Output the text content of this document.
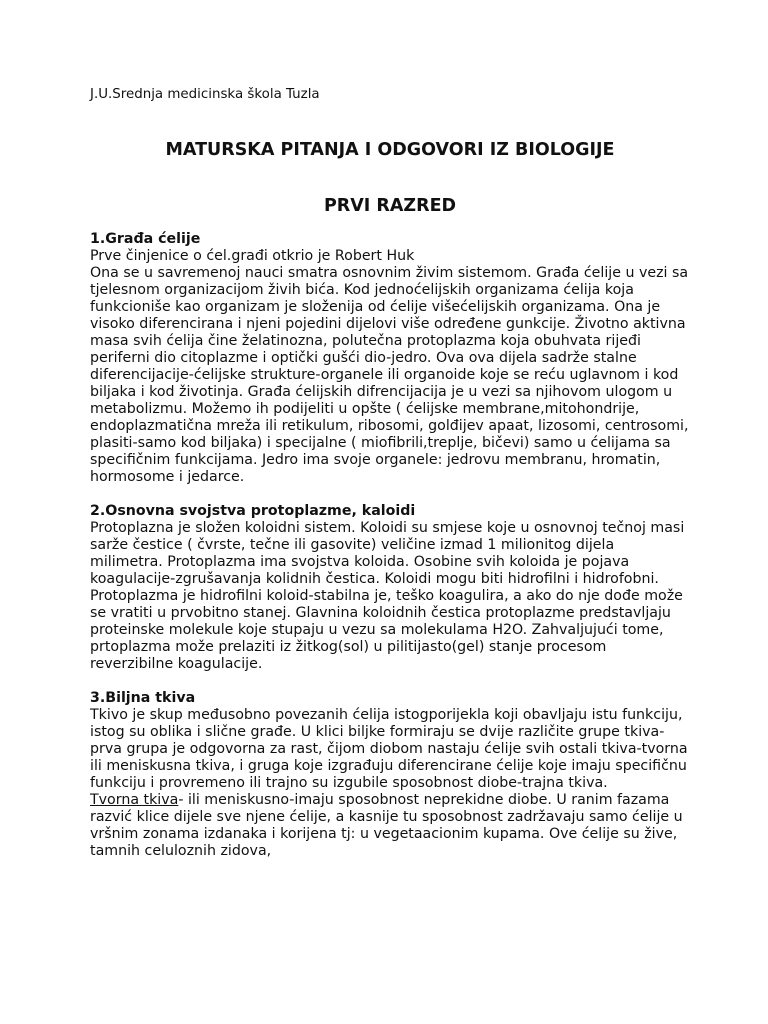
J.U.Srednja medicinska škola Tuzla

MATURSKA PITANJA I ODGOVORI IZ BIOLOGIJE
PRVI RAZRED

1.Građa ćelije

Prve činjenice o ćel.građi otkrio je Robert Huk

Ona se u savremenoj nauci smatra osnovnim živim sistemom. Građa ćelije u vezi sa tjelesnom organizacijom živih bića. Kod jednoćelijskih organizama ćelija koja funkcioniše kao organizam je složenija od ćelije višećelijskih organizama. Ona je visoko diferencirana i njeni pojedini dijelovi više određene gunkcije. Životno aktivna masa svih ćelija čine želatinozna, polutečna protoplazma koja obuhvata rijeđi periferni dio citoplazme i optički gušći dio-jedro. Ova ova dijela sadrže stalne diferencijacije-ćelijske strukture-organele ili organoide koje se reću uglavnom i kod biljaka i kod životinja. Građa ćelijskih difrencijacija je u vezi sa njihovom ulogom u metabolizmu. Možemo ih podijeliti u opšte ( ćelijske membrane,mitohondrije, endoplazmatična mreža ili retikulum, ribosomi, golđijev apaat, lizosomi, centrosomi, plasiti-samo kod biljaka) i specijalne ( miofibrili,treplje, bičevi) samo u ćelijama sa specifičnim funkcijama. Jedro ima svoje organele: jedrovu membranu, hromatin, hormosome i jedarce.

2.Osnovna svojstva protoplazme, kaloidi

Protoplazna je složen koloidni sistem. Koloidi su smjese koje u osnovnoj tečnoj masi sarže čestice ( čvrste, tečne ili gasovite) veličine izmad 1 milionitog dijela milimetra. Protoplazma ima svojstva koloida. Osobine svih koloida je pojava koagulacije-zgrušavanja kolidnih čestica. Koloidi mogu biti hidrofilni i hidrofobni. Protoplazma je hidrofilni koloid-stabilna je, teško koagulira, a ako do nje dođe može se vratiti u prvobitno stanej. Glavnina koloidnih čestica protoplazme predstavljaju proteinske molekule koje stupaju u vezu sa molekulama H2O. Zahvaljujući tome, prtoplazma može prelaziti iz žitkog(sol) u pilitijasto(gel) stanje procesom reverzibilne koagulacije.

3.Biljna tkiva

Tkivo je skup međusobno povezanih ćelija istogporijekla koji obavljaju istu funkciju, istog su oblika i slične građe. U klici biljke formiraju se dvije različite grupe tkiva-prva grupa je odgovorna za rast, čijom diobom nastaju ćelije svih ostali tkiva-tvorna ili meniskusna tkiva, i gruga koje izgrađuju diferencirane ćelije koje imaju specifičnu funkciju i provremeno ili trajno su izgubile sposobnost diobe-trajna tkiva.

Tvorna tkiva- ili meniskusno-imaju sposobnost neprekidne diobe. U ranim fazama razvić klice dijele sve njene ćelije, a kasnije tu sposobnost zadržavaju samo ćelije u vršnim zonama izdanaka i korijena tj: u vegetaacionim kupama. Ove ćelije su žive, tamnih celuloznih zidova,
